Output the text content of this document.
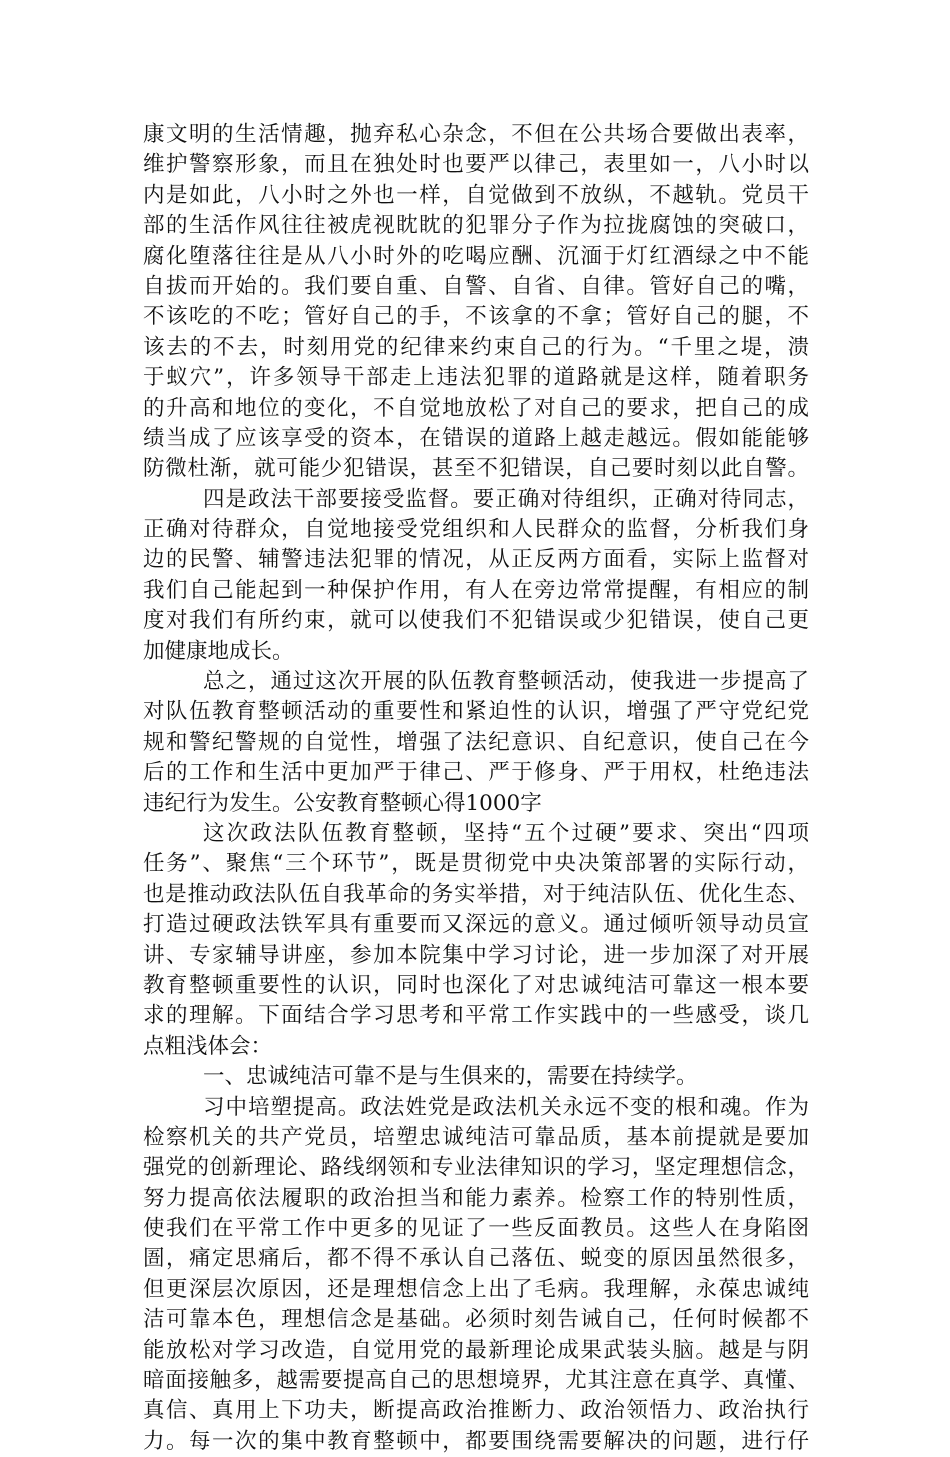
康文明的生活情趣，抛弃私心杂念，不但在公共场合要做出表率，
维护警察形象，而且在独处时也要严以律己，表里如一，八小时以
内是如此，八小时之外也一样，自觉做到不放纵，不越轨。党员干
部的生活作风往往被虎视眈眈的犯罪分子作为拉拢腐蚀的突破口，
腐化堕落往往是从八小时外的吃喝应酬、沉湎于灯红酒绿之中不能
自拔而开始的。我们要自重、自警、自省、自律。管好自己的嘴，
不该吃的不吃；管好自己的手，不该拿的不拿；管好自己的腿，不
该去的不去，时刻用党的纪律来约束自己的行为。“千里之堤，溃
于蚁穴”，许多领导干部走上违法犯罪的道路就是这样，随着职务
的升高和地位的变化，不自觉地放松了对自己的要求，把自己的成
绩当成了应该享受的资本，在错误的道路上越走越远。假如能能够
防微杜渐，就可能少犯错误，甚至不犯错误，自己要时刻以此自警。
四是政法干部要接受监督。要正确对待组织，正确对待同志，
正确对待群众，自觉地接受党组织和人民群众的监督，分析我们身
边的民警、辅警违法犯罪的情况，从正反两方面看，实际上监督对
我们自己能起到一种保护作用，有人在旁边常常提醒，有相应的制
度对我们有所约束，就可以使我们不犯错误或少犯错误，使自己更
加健康地成长。
总之，通过这次开展的队伍教育整顿活动，使我进一步提高了
对队伍教育整顿活动的重要性和紧迫性的认识，增强了严守党纪党
规和警纪警规的自觉性，增强了法纪意识、自纪意识，使自己在今
后的工作和生活中更加严于律己、严于修身、严于用权，杜绝违法
违纪行为发生。公安教育整顿心得1000字
这次政法队伍教育整顿，坚持“五个过硬”要求、突出“四项
任务”、聚焦“三个环节”，既是贯彻党中央决策部署的实际行动，
也是推动政法队伍自我革命的务实举措，对于纯洁队伍、优化生态、
打造过硬政法铁军具有重要而又深远的意义。通过倾听领导动员宣
讲、专家辅导讲座，参加本院集中学习讨论，进一步加深了对开展
教育整顿重要性的认识，同时也深化了对忠诚纯洁可靠这一根本要
求的理解。下面结合学习思考和平常工作实践中的一些感受，谈几
点粗浅体会：
一、忠诚纯洁可靠不是与生俱来的，需要在持续学。
习中培塑提高。政法姓党是政法机关永远不变的根和魂。作为
检察机关的共产党员，培塑忠诚纯洁可靠品质，基本前提就是要加
强党的创新理论、路线纲领和专业法律知识的学习，坚定理想信念，
努力提高依法履职的政治担当和能力素养。检察工作的特别性质，
使我们在平常工作中更多的见证了一些反面教员。这些人在身陷囹
圄，痛定思痛后，都不得不承认自己落伍、蜕变的原因虽然很多，
但更深层次原因，还是理想信念上出了毛病。我理解，永葆忠诚纯
洁可靠本色，理想信念是基础。必须时刻告诫自己，任何时候都不
能放松对学习改造，自觉用党的最新理论成果武装头脑。越是与阴
暗面接触多，越需要提高自己的思想境界，尤其注意在真学、真懂、
真信、真用上下功夫，断提高政治推断力、政治领悟力、政治执行
力。每一次的集中教育整顿中，都要围绕需要解决的问题，进行仔
